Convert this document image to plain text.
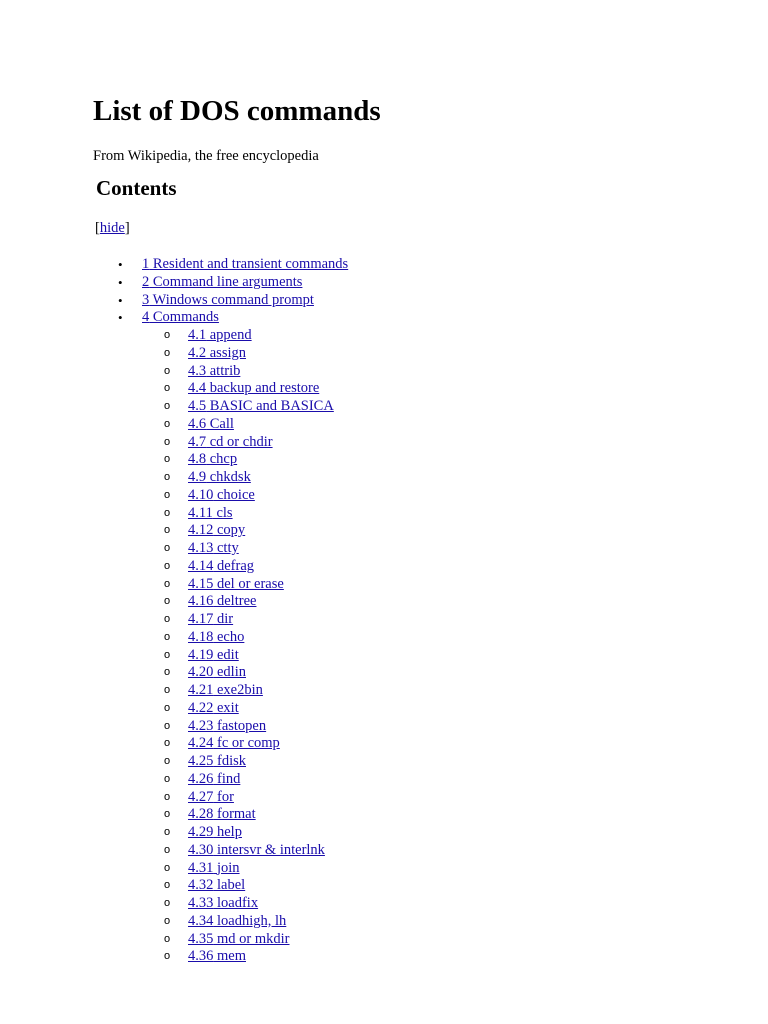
List of DOS commands

From Wikipedia, the free encyclopedia

Contents
[hide]
• 1 Resident and transient commands
• 2 Command line arguments
• 3 Windows command prompt
• 4 Commands
o 4.1 append
o 4.2 assign
o 4.3 attrib
o 4.4 backup and restore
o 4.5 BASIC and BASICA
o 4.6 Call
o 4.7 cd or chdir
o 4.8 chcp
o 4.9 chkdsk
o 4.10 choice
o 4.11 cls
o 4.12 copy
o 4.13 ctty
o 4.14 defrag
o 4.15 del or erase
o 4.16 deltree
o 4.17 dir
o 4.18 echo
o 4.19 edit
o 4.20 edlin
o 4.21 exe2bin
o 4.22 exit
o 4.23 fastopen
o 4.24 fc or comp
o 4.25 fdisk
o 4.26 find
o 4.27 for
o 4.28 format
o 4.29 help
o 4.30 intersvr & interlnk
o 4.31 join
o 4.32 label
o 4.33 loadfix
o 4.34 loadhigh, lh
o 4.35 md or mkdir
o 4.36 mem
